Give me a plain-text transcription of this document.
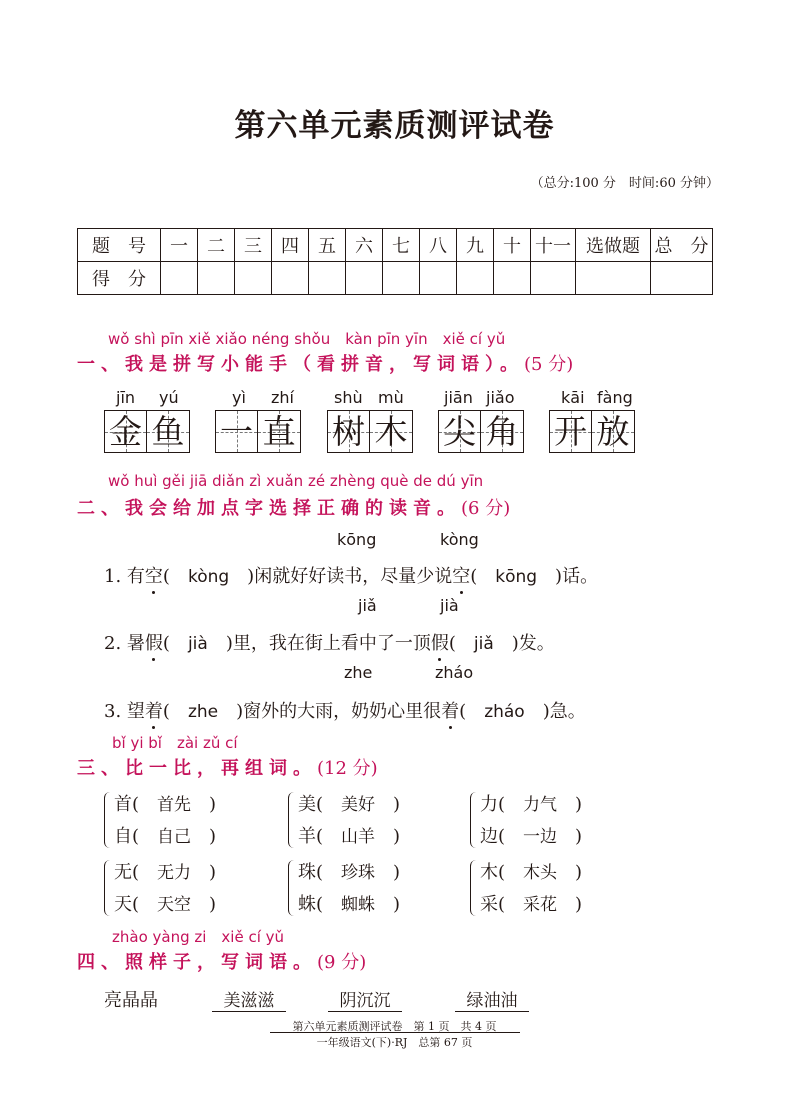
第六单元素质测评试卷
（总分:100 分　时间:60 分钟）
题　号	一	二	三	四	五	六	七	八	九	十	十一	选做题	总　分
得　分													
wǒ shì pīn xiě xiǎo néng shǒu　kàn pīn yīn　xiě cí yǔ
一、我是拼写小能手（看拼音，写词语）。(5 分)
jīn yú
金 鱼
yì zhí
一 直
shù mù
树 木
jiān jiǎo
尖 角
kāi fàng
开 放
wǒ huì gěi jiā diǎn zì xuǎn zé zhèng què de dú yīn
二、我会给加点字选择正确的读音。(6 分)
kōng	kòng
1. 有空(　kòng　)闲就好好读书，尽量少说空(　kōng　)话。
jiǎ	jià
2. 暑假(　jià　)里，我在街上看中了一顶假(　jiǎ　)发。
zhe	zháo
3. 望着(　zhe　)窗外的大雨，奶奶心里很着(　zháo　)急。
bǐ yi bǐ　zài zǔ cí
三、比一比，再组词。(12 分)
首(　首先　)
自(　自己　)
美(　美好　)
羊(　山羊　)
力(　力气　)
边(　一边　)
无(　无力　)
天(　天空　)
珠(　珍珠　)
蛛(　蜘蛛　)
木(　木头　)
采(　采花　)
zhào yàng zi　xiě cí yǔ
四、照样子，写词语。(9 分)
亮晶晶	美滋滋	阴沉沉	绿油油
第六单元素质测评试卷　第 1 页　共 4 页
一年级语文(下)·RJ　总第 67 页
